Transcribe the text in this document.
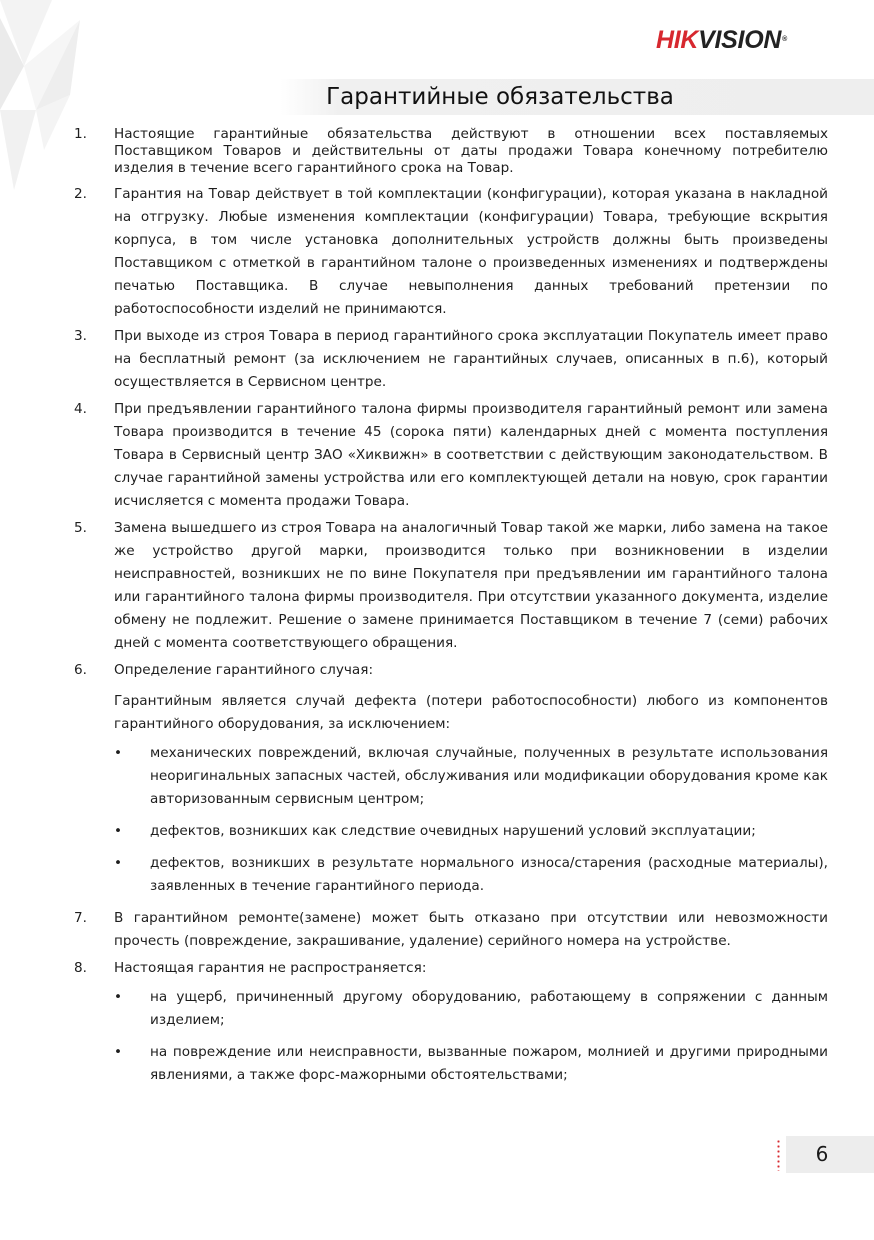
HIKVISION®
Гарантийные обязательства
1. Настоящие гарантийные обязательства действуют в отношении всех поставляемых Поставщиком Товаров и действительны от даты продажи Товара конечному потребителю изделия в течение всего гарантийного срока на Товар.

2. Гарантия на Товар действует в той комплектации (конфигурации), которая указана в накладной на отгрузку. Любые изменения комплектации (конфигурации) Товара, требующие вскрытия корпуса, в том числе установка дополнительных устройств должны быть произведены Поставщиком с отметкой в гарантийном талоне о произведенных изменениях и подтверждены печатью Поставщика. В случае невыполнения данных требований претензии по работоспособности изделий не принимаются.

3. При выходе из строя Товара в период гарантийного срока эксплуатации Покупатель имеет право на бесплатный ремонт (за исключением не гарантийных случаев, описанных в п.6), который осуществляется в Сервисном центре.

4. При предъявлении гарантийного талона фирмы производителя гарантийный ремонт или замена Товара производится в течение 45 (сорока пяти) календарных дней с момента поступления Товара в Сервисный центр ЗАО «Хиквижн» в соответствии с действующим законодательством. В случае гарантийной замены устройства или его комплектующей детали на новую, срок гарантии исчисляется с момента продажи Товара.

5. Замена вышедшего из строя Товара на аналогичный Товар такой же марки, либо замена на такое же устройство другой марки, производится только при возникновении в изделии неисправностей, возникших не по вине Покупателя при предъявлении им гарантийного талона или гарантийного талона фирмы производителя. При отсутствии указанного документа, изделие обмену не подлежит. Решение о замене принимается Поставщиком в течение 7 (семи) рабочих дней с момента соответствующего обращения.

6. Определение гарантийного случая:

Гарантийным является случай дефекта (потери работоспособности) любого из компонентов гарантийного оборудования, за исключением:

• механических повреждений, включая случайные, полученных в результате использования неоригинальных запасных частей, обслуживания или модификации оборудования кроме как авторизованным сервисным центром;
• дефектов, возникших как следствие очевидных нарушений условий эксплуатации;
• дефектов, возникших в результате нормального износа/старения (расходные материалы), заявленных в течение гарантийного периода.
7. В гарантийном ремонте(замене) может быть отказано при отсутствии или невозможности прочесть (повреждение, закрашивание, удаление) серийного номера на устройстве.

8. Настоящая гарантия не распространяется:

• на ущерб, причиненный другому оборудованию, работающему в сопряжении с данным изделием;
• на повреждение или неисправности, вызванные пожаром, молнией и другими природными явлениями, а также форс-мажорными обстоятельствами;
6
